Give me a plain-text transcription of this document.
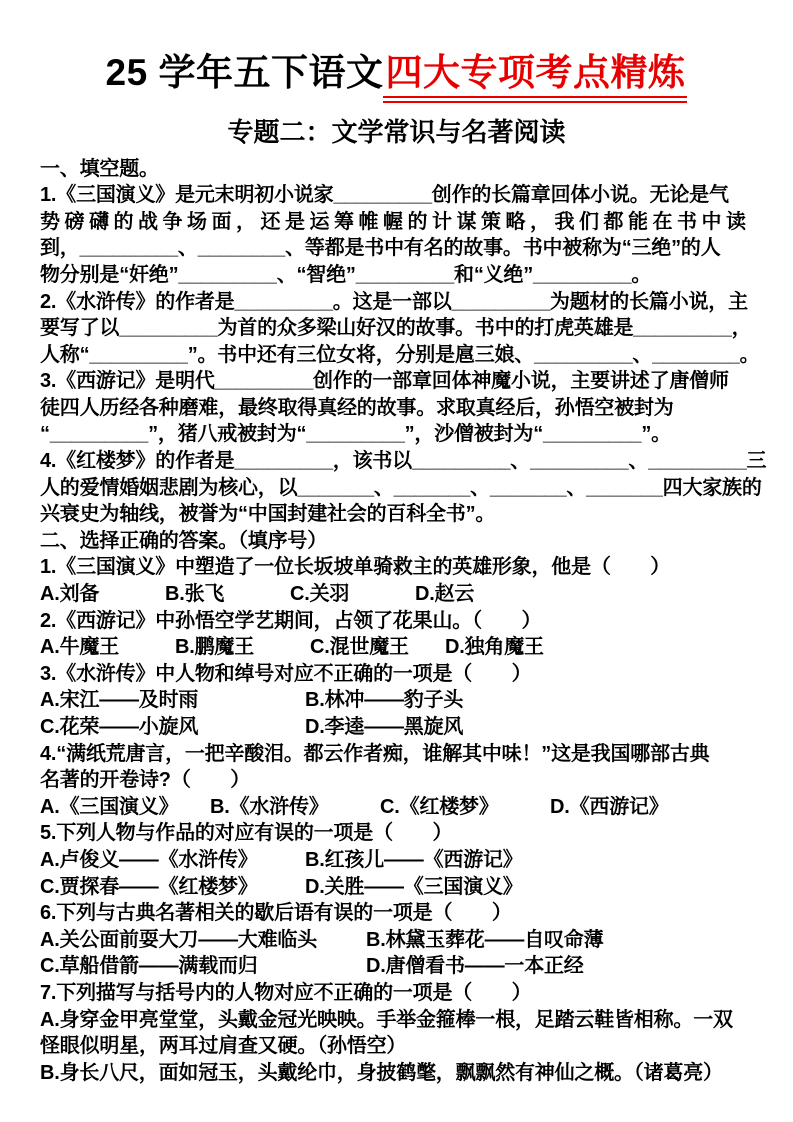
25 学年五下语文四大专项考点精炼
专题二：文学常识与名著阅读
一、填空题。
1.《三国演义》是元末明初小说家_________创作的长篇章回体小说。无论是气
势磅礴的战争场面，还是运筹帷幄的计谋策略，我们都能在书中读
到，_________、________、等都是书中有名的故事。书中被称为“三绝”的人
物分别是“奸绝”_________、“智绝”_________和“义绝”_________。
2.《水浒传》的作者是_________。这是一部以_________为题材的长篇小说，主
要写了以_________为首的众多梁山好汉的故事。书中的打虎英雄是_________，
人称“_________”。书中还有三位女将，分别是扈三娘、_________、________。
3.《西游记》是明代_________创作的一部章回体神魔小说，主要讲述了唐僧师
徒四人历经各种磨难，最终取得真经的故事。求取真经后，孙悟空被封为
“_________”，猪八戒被封为“_________”，沙僧被封为“_________”。
4.《红楼梦》的作者是_________，该书以_________、_________、_________三
人的爱情婚姻悲剧为核心，以_______、_______、_______、_______四大家族的
兴衰史为轴线，被誉为“中国封建社会的百科全书”。
二、选择正确的答案。（填序号）
1.《三国演义》中塑造了一位长坂坡单骑救主的英雄形象，他是（　　）
A.刘备	B.张飞	C.关羽	D.赵云
2.《西游记》中孙悟空学艺期间，占领了花果山。（　　）
A.牛魔王	B.鹏魔王	C.混世魔王 D.独角魔王
3.《水浒传》中人物和绰号对应不正确的一项是（　　）
A.宋江——及时雨	B.林冲——豹子头
C.花荣——小旋风	D.李逵——黑旋风
4.“满纸荒唐言，一把辛酸泪。都云作者痴，谁解其中味！”这是我国哪部古典
名著的开卷诗?（　　）
A.《三国演义》 B.《水浒传》	C.《红楼梦》	D.《西游记》
5.下列人物与作品的对应有误的一项是（　　）
A.卢俊义——《水浒传》 B.红孩儿——《西游记》
C.贾探春——《红楼梦》 D.关胜——《三国演义》
6.下列与古典名著相关的歇后语有误的一项是（　　）
A.关公面前耍大刀——大难临头 B.林黛玉葬花——自叹命薄
C.草船借箭——满载而归	D.唐僧看书——一本正经
7.下列描写与括号内的人物对应不正确的一项是（　　）
A.身穿金甲亮堂堂，头戴金冠光映映。手举金箍棒一根，足踏云鞋皆相称。一双
怪眼似明星，两耳过肩查又硬。（孙悟空）
B.身长八尺，面如冠玉，头戴纶巾，身披鹤氅，飘飘然有神仙之概。（诸葛亮）
